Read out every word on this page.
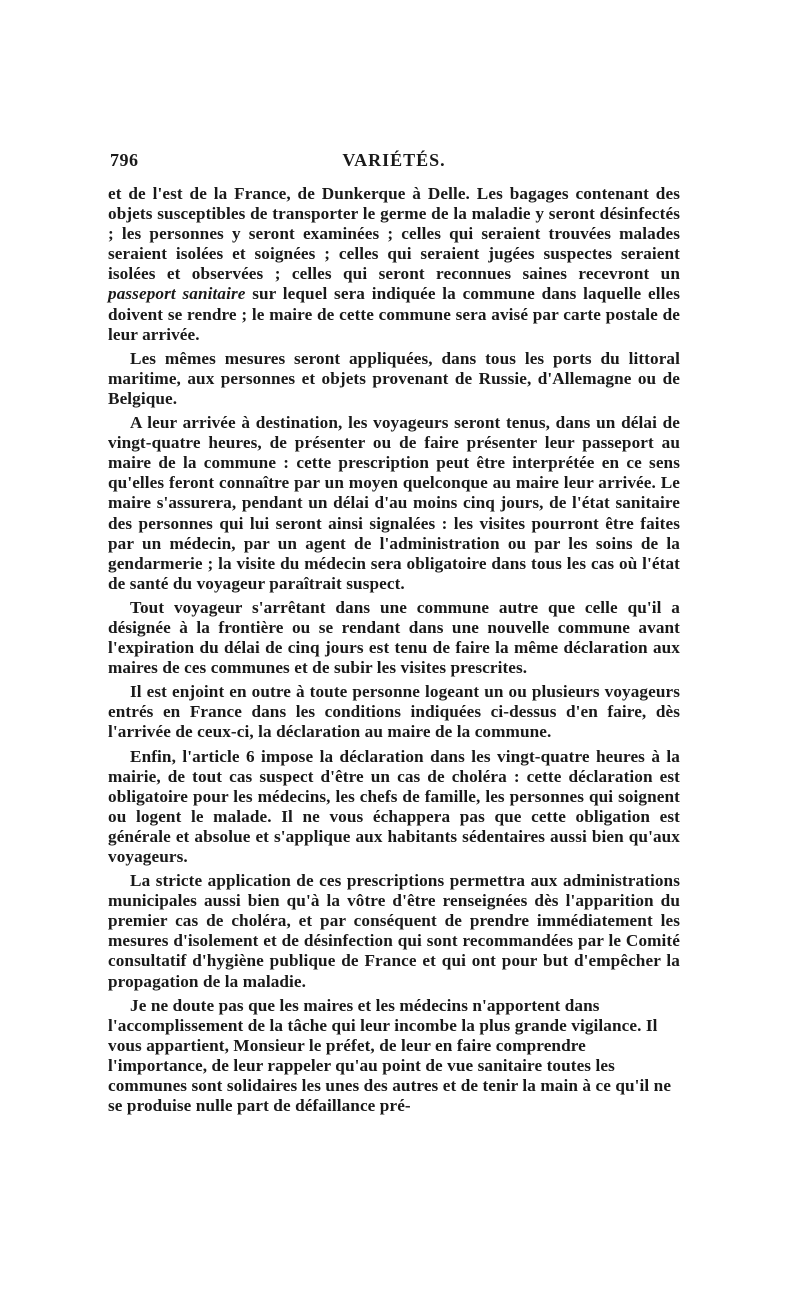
796	VARIÉTÉS.

et de l'est de la France, de Dunkerque à Delle. Les bagages contenant des objets susceptibles de transporter le germe de la maladie y seront désinfectés ; les personnes y seront examinées ; celles qui seraient trouvées malades seraient isolées et soignées ; celles qui seraient jugées suspectes seraient isolées et observées ; celles qui seront reconnues saines recevront un passeport sanitaire sur lequel sera indiquée la commune dans laquelle elles doivent se rendre ; le maire de cette commune sera avisé par carte postale de leur arrivée.

Les mêmes mesures seront appliquées, dans tous les ports du littoral maritime, aux personnes et objets provenant de Russie, d'Allemagne ou de Belgique.

A leur arrivée à destination, les voyageurs seront tenus, dans un délai de vingt-quatre heures, de présenter ou de faire présenter leur passeport au maire de la commune : cette prescription peut être interprétée en ce sens qu'elles feront connaître par un moyen quelconque au maire leur arrivée. Le maire s'assurera, pendant un délai d'au moins cinq jours, de l'état sanitaire des personnes qui lui seront ainsi signalées : les visites pourront être faites par un médecin, par un agent de l'administration ou par les soins de la gendarmerie ; la visite du médecin sera obligatoire dans tous les cas où l'état de santé du voyageur paraîtrait suspect.

Tout voyageur s'arrêtant dans une commune autre que celle qu'il a désignée à la frontière ou se rendant dans une nouvelle commune avant l'expiration du délai de cinq jours est tenu de faire la même déclaration aux maires de ces communes et de subir les visites prescrites.

Il est enjoint en outre à toute personne logeant un ou plusieurs voyageurs entrés en France dans les conditions indiquées ci-dessus d'en faire, dès l'arrivée de ceux-ci, la déclaration au maire de la commune.

Enfin, l'article 6 impose la déclaration dans les vingt-quatre heures à la mairie, de tout cas suspect d'être un cas de choléra : cette déclaration est obligatoire pour les médecins, les chefs de famille, les personnes qui soignent ou logent le malade. Il ne vous échappera pas que cette obligation est générale et absolue et s'applique aux habitants sédentaires aussi bien qu'aux voyageurs.

La stricte application de ces prescriptions permettra aux administrations municipales aussi bien qu'à la vôtre d'être renseignées dès l'apparition du premier cas de choléra, et par conséquent de prendre immédiatement les mesures d'isolement et de désinfection qui sont recommandées par le Comité consultatif d'hygiène publique de France et qui ont pour but d'empêcher la propagation de la maladie.

Je ne doute pas que les maires et les médecins n'apportent dans l'accomplissement de la tâche qui leur incombe la plus grande vigilance. Il vous appartient, Monsieur le préfet, de leur en faire comprendre l'importance, de leur rappeler qu'au point de vue sanitaire toutes les communes sont solidaires les unes des autres et de tenir la main à ce qu'il ne se produise nulle part de défaillance pré-
